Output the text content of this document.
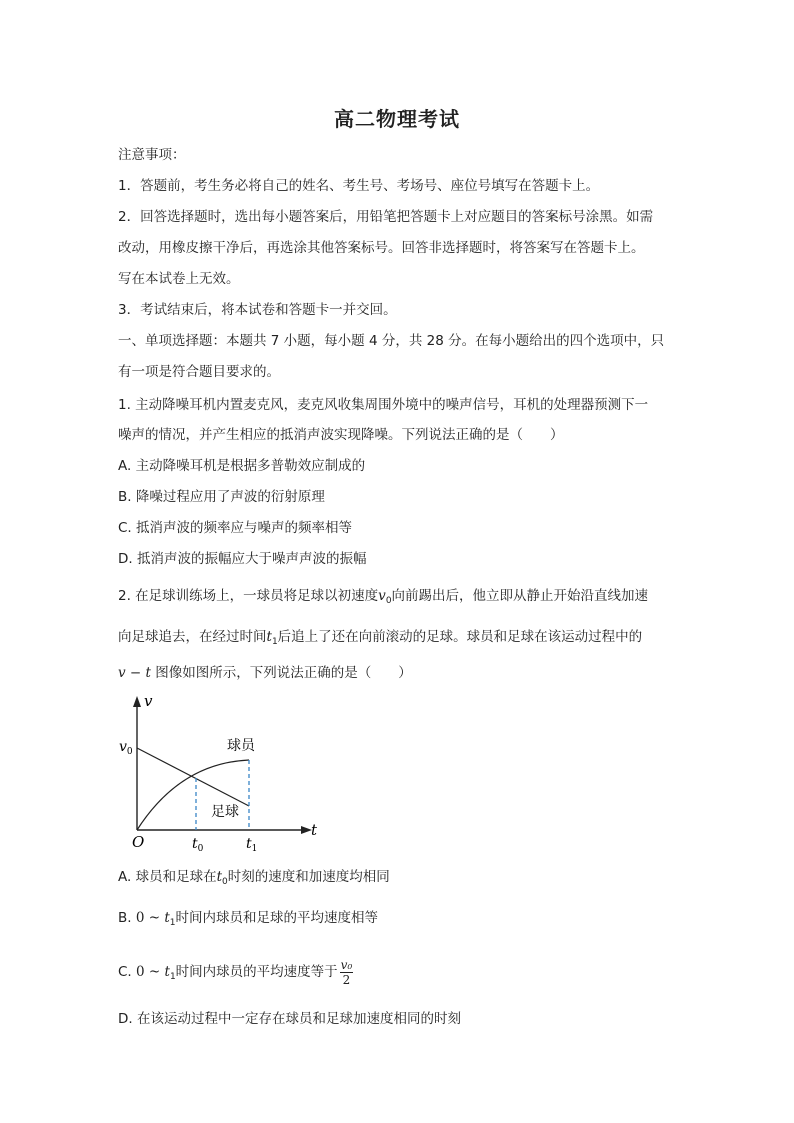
高二物理考试
注意事项：
1．答题前，考生务必将自己的姓名、考生号、考场号、座位号填写在答题卡上。
2．回答选择题时，选出每小题答案后，用铅笔把答题卡上对应题目的答案标号涂黑。如需
改动，用橡皮擦干净后，再选涂其他答案标号。回答非选择题时，将答案写在答题卡上。
写在本试卷上无效。
3．考试结束后，将本试卷和答题卡一并交回。
一、单项选择题：本题共 7 小题，每小题 4 分，共 28 分。在每小题给出的四个选项中，只
有一项是符合题目要求的。
1. 主动降噪耳机内置麦克风，麦克风收集周围外境中的噪声信号，耳机的处理器预测下一
噪声的情况，并产生相应的抵消声波实现降噪。下列说法正确的是（　　）
A. 主动降噪耳机是根据多普勒效应制成的
B. 降噪过程应用了声波的衍射原理
C. 抵消声波的频率应与噪声的频率相等
D. 抵消声波的振幅应大于噪声声波的振幅
2. 在足球训练场上，一球员将足球以初速度$v_0$向前踢出后，他立即从静止开始沿直线加速
向足球追去，在经过时间$t_1$后追上了还在向前滚动的足球。球员和足球在该运动过程中的
v − t 图像如图所示，下列说法正确的是（　　）
v
t
O
$v_0$
$t_0$	$t_1$
球员
足球
A. 球员和足球在$t_0$时刻的速度和加速度均相同
B. 0 ~ $t_1$时间内球员和足球的平均速度相等
C. 0 ~ $t_1$时间内球员的平均速度等于 $\frac{\text{v₀}}{2}$
D. 在该运动过程中一定存在球员和足球加速度相同的时刻
